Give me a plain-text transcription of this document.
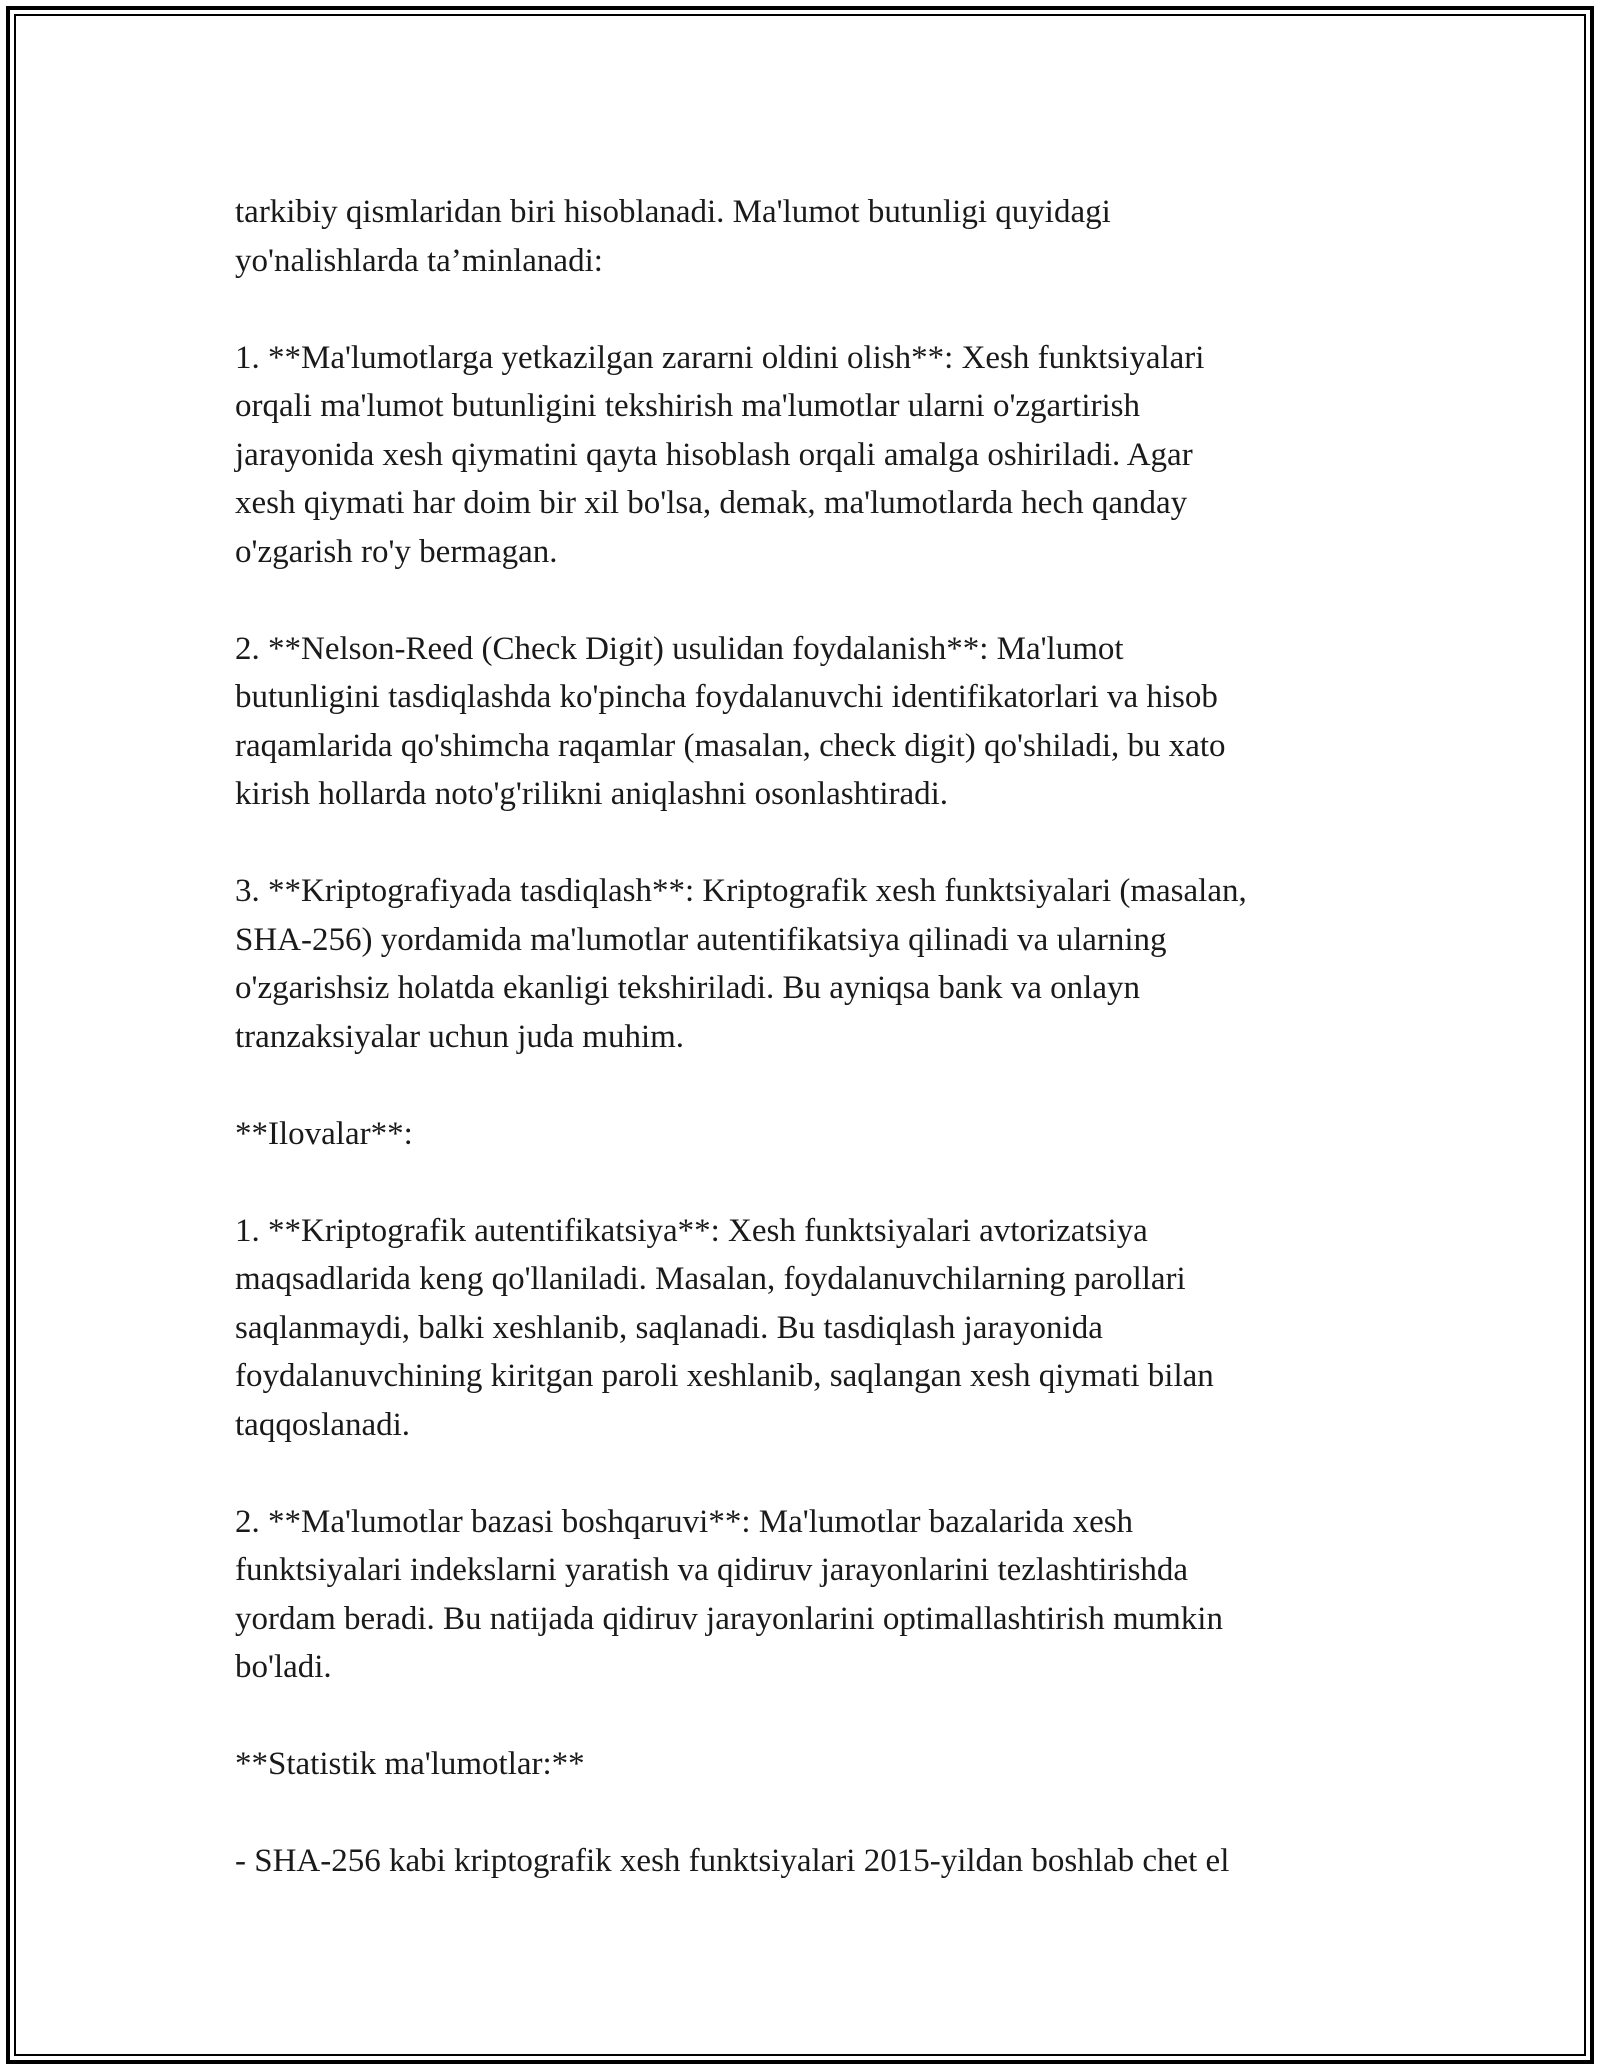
tarkibiy qismlaridan biri hisoblanadi. Ma'lumot butunligi quyidagi
yo'nalishlarda ta’minlanadi:

1. **Ma'lumotlarga yetkazilgan zararni oldini olish**: Xesh funktsiyalari
orqali ma'lumot butunligini tekshirish ma'lumotlar ularni o'zgartirish
jarayonida xesh qiymatini qayta hisoblash orqali amalga oshiriladi. Agar
xesh qiymati har doim bir xil bo'lsa, demak, ma'lumotlarda hech qanday
o'zgarish ro'y bermagan.

2. **Nelson-Reed (Check Digit) usulidan foydalanish**: Ma'lumot
butunligini tasdiqlashda ko'pincha foydalanuvchi identifikatorlari va hisob
raqamlarida qo'shimcha raqamlar (masalan, check digit) qo'shiladi, bu xato
kirish hollarda noto'g'rilikni aniqlashni osonlashtiradi.

3. **Kriptografiyada tasdiqlash**: Kriptografik xesh funktsiyalari (masalan,
SHA-256) yordamida ma'lumotlar autentifikatsiya qilinadi va ularning
o'zgarishsiz holatda ekanligi tekshiriladi. Bu ayniqsa bank va onlayn
tranzaksiyalar uchun juda muhim.

**Ilovalar**:

1. **Kriptografik autentifikatsiya**: Xesh funktsiyalari avtorizatsiya
maqsadlarida keng qo'llaniladi. Masalan, foydalanuvchilarning parollari
saqlanmaydi, balki xeshlanib, saqlanadi. Bu tasdiqlash jarayonida
foydalanuvchining kiritgan paroli xeshlanib, saqlangan xesh qiymati bilan
taqqoslanadi.

2. **Ma'lumotlar bazasi boshqaruvi**: Ma'lumotlar bazalarida xesh
funktsiyalari indekslarni yaratish va qidiruv jarayonlarini tezlashtirishda
yordam beradi. Bu natijada qidiruv jarayonlarini optimallashtirish mumkin
bo'ladi.

**Statistik ma'lumotlar:**

- SHA-256 kabi kriptografik xesh funktsiyalari 2015-yildan boshlab chet el
